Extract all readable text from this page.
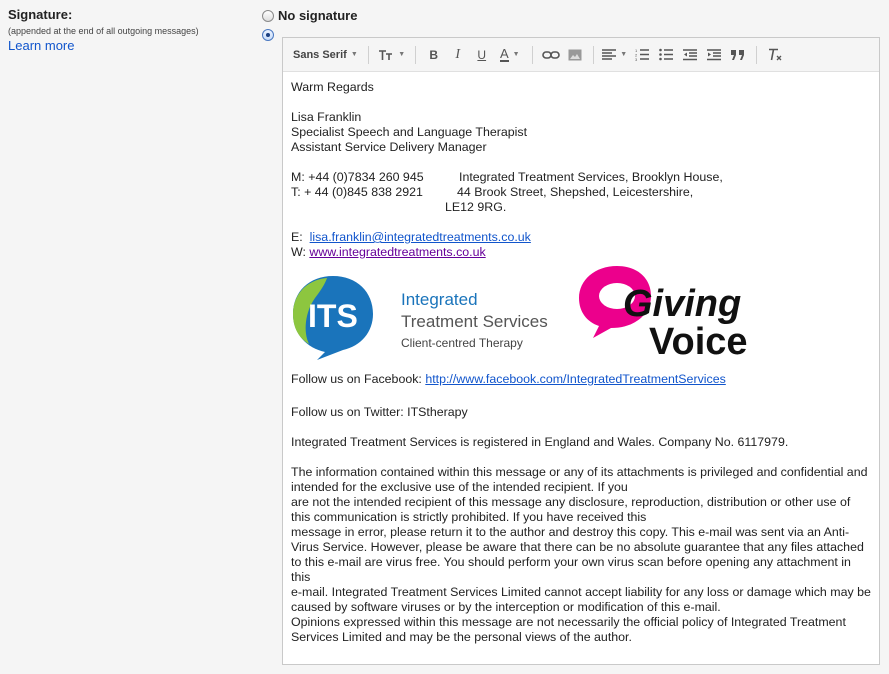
Signature:
(appended at the end of all outgoing messages)
Learn more
No signature
Sans Serif ▼	▼ B I U A ▼	▼
1
2
3

Warm Regards

Lisa Franklin

Specialist Speech and Language Therapist

Assistant Service Delivery Manager

M: +44 (0)7834 260 945	Integrated Treatment Services, Brooklyn House,
T: + 44 (0)845 838 2921	44 Brook Street, Shepshed, Leicestershire,
LE12 9RG.

E: lisa.franklin@integratedtreatments.co.uk

W: www.integratedtreatments.co.uk

ITS	Integrated
Treatment Services
Client-centred Therapy
Giving
Voice

Follow us on Facebook: http://www.facebook.com/IntegratedTreatmentServices

Follow us on Twitter: ITStherapy

Integrated Treatment Services is registered in England and Wales. Company No. 6117979.

The information contained within this message or any of its attachments is privileged and confidential and intended for the exclusive use of the intended recipient. If you

are not the intended recipient of this message any disclosure, reproduction, distribution or other use of this communication is strictly prohibited. If you have received this

message in error, please return it to the author and destroy this copy. This e-mail was sent via an Anti-Virus Service. However, please be aware that there can be no absolute guarantee that any files attached to this e-mail are virus free. You should perform your own virus scan before opening any attachment in this

e-mail. Integrated Treatment Services Limited cannot accept liability for any loss or damage which may be caused by software viruses or by the interception or modification of this e-mail.

Opinions expressed within this message are not necessarily the official policy of Integrated Treatment Services Limited and may be the personal views of the author.
